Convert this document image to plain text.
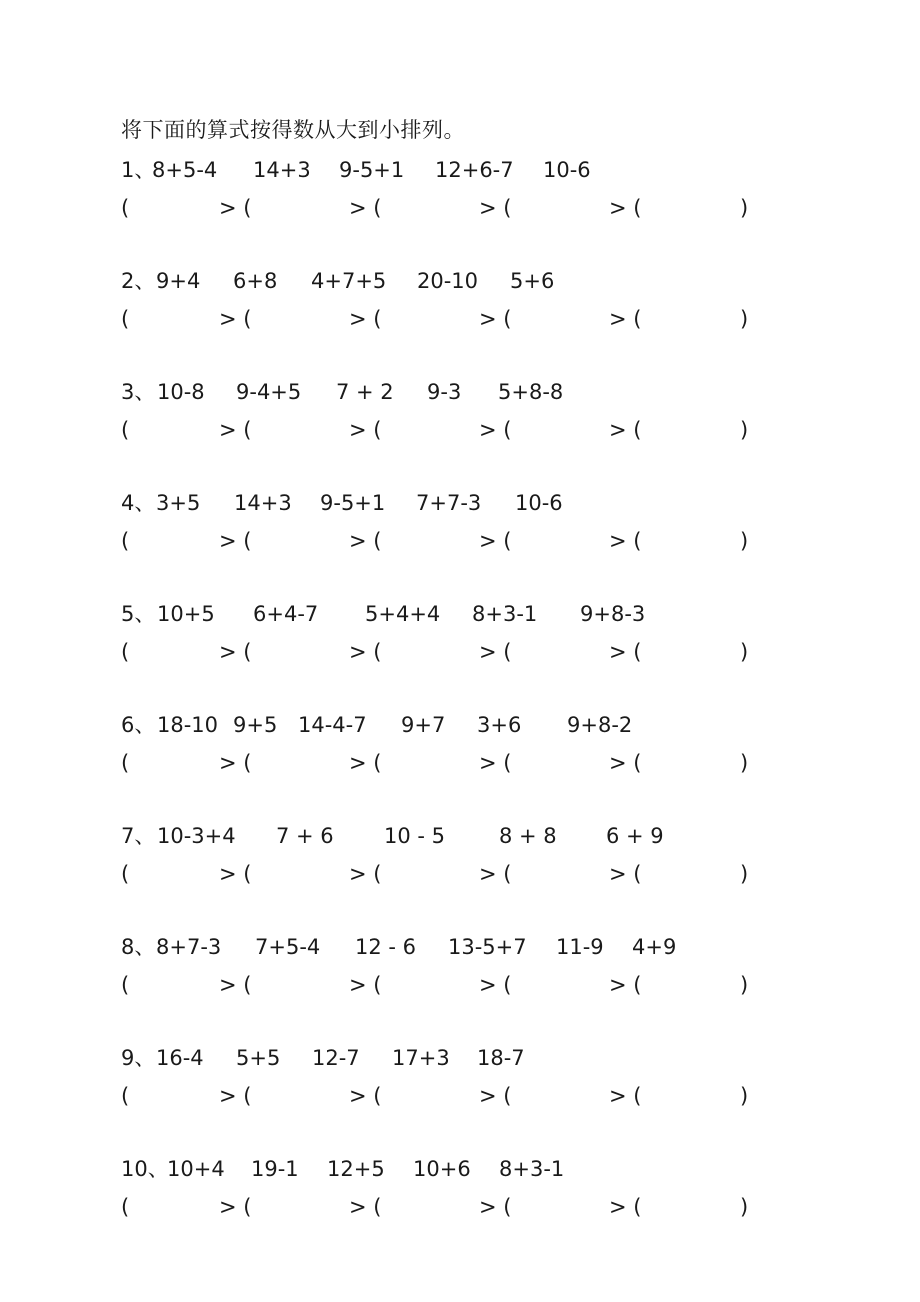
将下面的算式按得数从大到小排列。
1、
8+5-4 14+3 9-5+1 12+6-7 10-6
(	> (	> (	> (	> (	)
2、 9+4 6+8 4+7+5 20-10 5+6
(	> (	> (	> (	> (	)
3、 10-8 9-4+5 7 + 2 9-3 5+8-8
(	> (	> (	> (	> (	)
4、 3+5 14+3 9-5+1 7+7-3 10-6
(	> (	> (	> (	> (	)
5、 10+5 6+4-7 5+4+4 8+3-1 9+8-3
(	> (	> (	> (	> (	)
6、 18-10 9+5 14-4-7 9+7 3+6 9+8-2
(	> (	> (	> (	> (	)
7、 10-3+4 7 + 6 10 - 5	8 + 8 6 + 9
(	> (	> (	> (	> (	)
8、 8+7-3 7+5-4 12 - 6 13-5+7 11-9 4+9
(	> (	> (	> (	> (	)
9、 16-4 5+5 12-7 17+3 18-7
(	> (	> (	> (	> (	)
10、
10+4 19-1 12+5 10+6 8+3-1
(	> (	> (	> (	> (	)
